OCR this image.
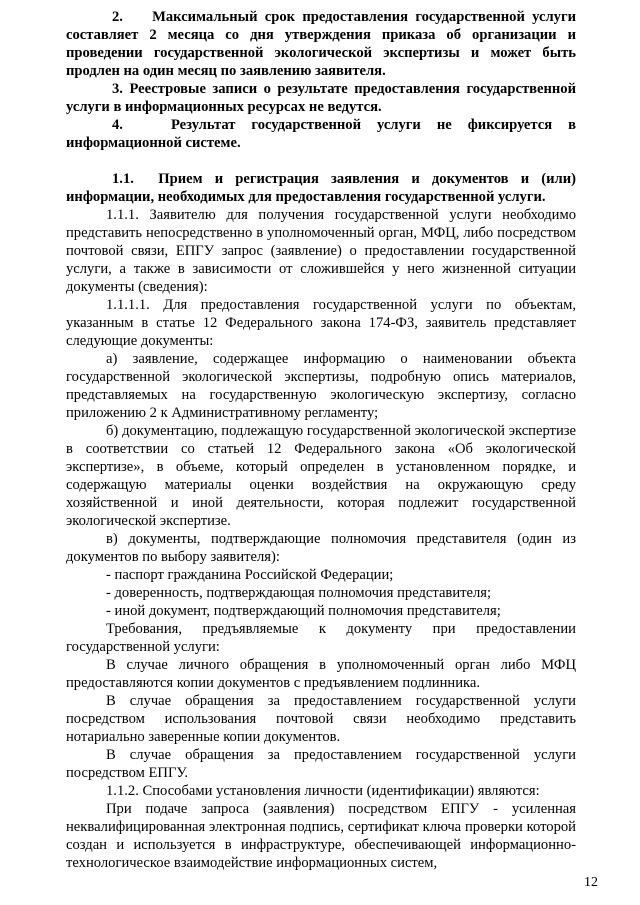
2.    Максимальный срок предоставления государственной услуги составляет 2 месяца со дня утверждения приказа об организации и проведении государственной экологической экспертизы и может быть продлен на один месяц по заявлению заявителя.

3. Реестровые записи о результате предоставления государственной услуги в информационных ресурсах не ведутся.

4.   Результат государственной услуги не фиксируется в информационной системе.

1.1.  Прием и регистрация заявления и документов и (или) информации, необходимых для предоставления государственной услуги.

1.1.1. Заявителю для получения государственной услуги необходимо представить непосредственно в уполномоченный орган, МФЦ, либо посредством почтовой связи, ЕПГУ запрос (заявление) о предоставлении государственной услуги, а также в зависимости от сложившейся у него жизненной ситуации документы (сведения):

1.1.1.1. Для предоставления государственной услуги по объектам, указанным в статье 12 Федерального закона 174-ФЗ, заявитель представляет следующие документы:

а) заявление, содержащее информацию о наименовании объекта государственной экологической экспертизы, подробную опись материалов, представляемых на государственную экологическую экспертизу, согласно приложению 2 к Административному регламенту;

б) документацию, подлежащую государственной экологической экспертизе в соответствии со статьей 12 Федерального закона «Об экологической экспертизе», в объеме, который определен в установленном порядке, и содержащую материалы оценки воздействия на окружающую среду хозяйственной и иной деятельности, которая подлежит государственной экологической экспертизе.

в) документы, подтверждающие полномочия представителя (один из документов по выбору заявителя):

- паспорт гражданина Российской Федерации;

- доверенность, подтверждающая полномочия представителя;

- иной документ, подтверждающий полномочия представителя;

Требования, предъявляемые к документу при предоставлении государственной услуги:

В случае личного обращения в уполномоченный орган либо МФЦ предоставляются копии документов с предъявлением подлинника.

В случае обращения за предоставлением государственной услуги посредством использования почтовой связи необходимо представить нотариально заверенные копии документов.

В случае обращения за предоставлением государственной услуги посредством ЕПГУ.

1.1.2. Способами установления личности (идентификации) являются:

При подаче запроса (заявления) посредством ЕПГУ - усиленная неквалифицированная электронная подпись, сертификат ключа проверки которой создан и используется в инфраструктуре, обеспечивающей информационно-технологическое взаимодействие информационных систем,

12
